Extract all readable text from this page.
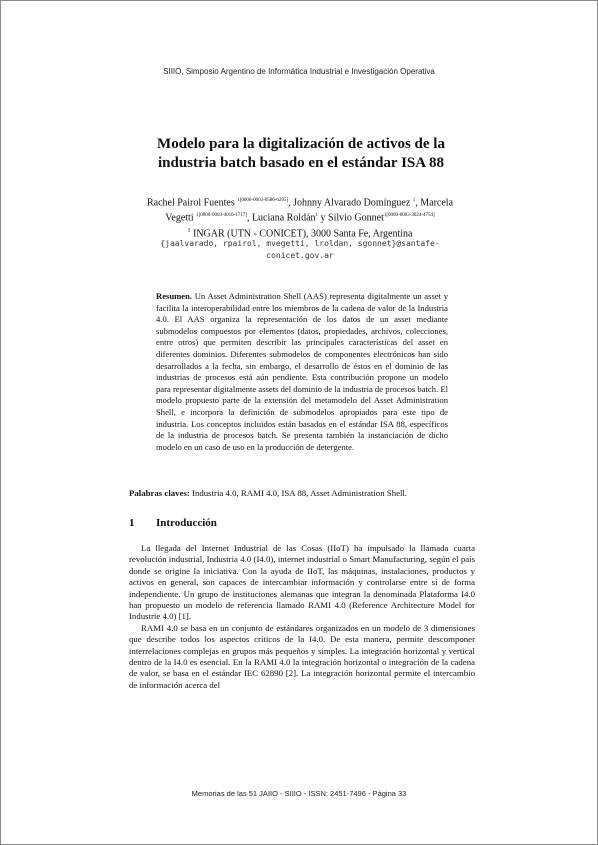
SIIIO, Simposio Argentino de Informática Industrial e Investigación Operativa
Modelo para la digitalización de activos de la
industria batch basado en el estándar ISA 88
Rachel Pairol Fuentes $^{1[0000-0003-0586-6295]}$, Johnny Alvarado Domínguez $^1$, Marcela
Vegetti $^{1[0000-0003-4016-1717]}$, Luciana Roldán$^1$ y Silvio Gonnet$^{1[0000-0003-3024-4754]}$
$^1$ INGAR (UTN - CONICET), 3000 Santa Fe, Argentina
{jaalvarado, rpairol, mvegetti, lroldan, sgonnet}@santafe-
conicet.gov.ar
Resumen. Un Asset Administration Shell (AAS) representa digitalmente un asset y facilita la interoperabilidad entre los miembros de la cadena de valor de la Industria 4.0. El AAS organiza la representación de los datos de un asset mediante submodelos compuestos por elementos (datos, propiedades, archivos, colecciones, entre otros) que permiten describir las principales características del asset en diferentes dominios. Diferentes submodelos de componentes electrónicos han sido desarrollados a la fecha, sin embargo, el desarrollo de éstos en el dominio de las industrias de procesos está aún pendiente. Esta contribución propone un modelo para representar digitalmente assets del dominio de la industria de procesos batch. El modelo propuesto parte de la extensión del metamodelo del Asset Administration Shell, e incorpora la definición de submodelos apropiados para este tipo de industria. Los conceptos incluidos están basados en el estándar ISA 88, específicos de la industria de procesos batch. Se presenta también la instanciación de dicho modelo en un caso de uso en la producción de detergente.
Palabras claves: Industria 4.0, RAMI 4.0, ISA 88, Asset Administration Shell.
1 Introducción

La llegada del Internet Industrial de las Cosas (IIoT) ha impulsado la llamada cuarta revolución industrial, Industria 4.0 (I4.0), internet industrial o Smart Manufacturing, según el país donde se origine la iniciativa. Con la ayuda de IIoT, las máquinas, instalaciones, productos y activos en general, son capaces de intercambiar información y controlarse entre sí de forma independiente. Un grupo de instituciones alemanas que integran la denominada Plataforma I4.0 han propuesto un modelo de referencia llamado RAMI 4.0 (Reference Architecture Model for Industrie 4.0) [1].

RAMI 4.0 se basa en un conjunto de estándares organizados en un modelo de 3 dimensiones que describe todos los aspectos críticos de la I4.0. De esta manera, permite descomponer interrelaciones complejas en grupos más pequeños y simples. La integración horizontal y vertical dentro de la I4.0 es esencial. En la RAMI 4.0 la integración horizontal o integración de la cadena de valor, se basa en el estándar IEC 62890 [2]. La integración horizontal permite el intercambio de información acerca del

Memorias de las 51 JAIIO - SIIIO - ISSN: 2451-7496 - Página 33
